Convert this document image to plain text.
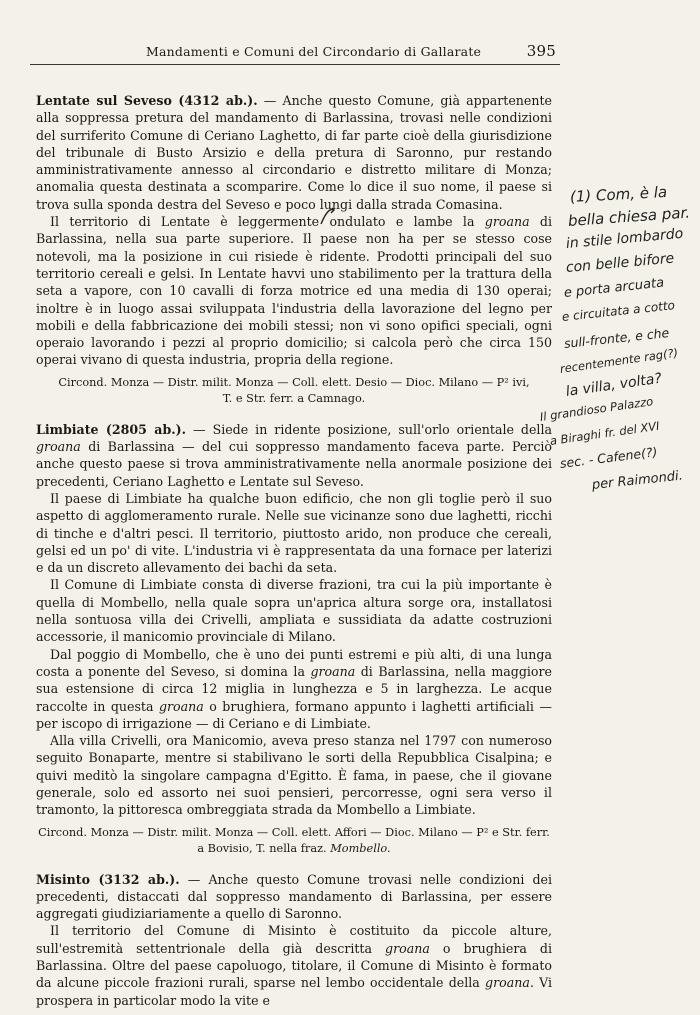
Mandamenti e Comuni del Circondario di Gallarate	395

Lentate sul Seveso (4312 ab.). — Anche questo Comune, già appartenente alla soppressa pretura del mandamento di Barlassina, trovasi nelle condizioni del surriferito Comune di Ceriano Laghetto, di far parte cioè della giurisdizione del tribunale di Busto Arsizio e della pretura di Saronno, pur restando amministrativamente annesso al circondario e distretto militare di Monza; anomalia questa destinata a scomparire. Come lo dice il suo nome, il paese si trova sulla sponda destra del Seveso e poco lungi dalla strada Comasina.

Il territorio di Lentate è leggermente ondulato e lambe la groana di Barlassina, nella sua parte superiore. Il paese non ha per se stesso cose notevoli, ma la posizione in cui risiede è ridente. Prodotti principali del suo territorio cereali e gelsi. In Lentate havvi uno stabilimento per la trattura della seta a vapore, con 10 cavalli di forza motrice ed una media di 130 operai; inoltre è in luogo assai sviluppata l'industria della lavorazione del legno per mobili e della fabbricazione dei mobili stessi; non vi sono opifici speciali, ogni operaio lavorando i pezzi al proprio domicilio; si calcola però che circa 150 operai vivano di questa industria, propria della regione.

Circond. Monza — Distr. milit. Monza — Coll. elett. Desio — Dioc. Milano — P² ivi,
T. e Str. ferr. a Camnago.

Limbiate (2805 ab.). — Siede in ridente posizione, sull'orlo orientale della groana di Barlassina — del cui soppresso mandamento faceva parte. Perciò anche questo paese si trova amministrativamente nella anormale posizione dei precedenti, Ceriano Laghetto e Lentate sul Seveso.

Il paese di Limbiate ha qualche buon edificio, che non gli toglie però il suo aspetto di agglomeramento rurale. Nelle sue vicinanze sono due laghetti, ricchi di tinche e d'altri pesci. Il territorio, piuttosto arido, non produce che cereali, gelsi ed un po' di vite. L'industria vi è rappresentata da una fornace per laterizi e da un discreto allevamento dei bachi da seta.

Il Comune di Limbiate consta di diverse frazioni, tra cui la più importante è quella di Mombello, nella quale sopra un'aprica altura sorge ora, installatosi nella sontuosa villa dei Crivelli, ampliata e sussidiata da adatte costruzioni accessorie, il manicomio provinciale di Milano.

Dal poggio di Mombello, che è uno dei punti estremi e più alti, di una lunga costa a ponente del Seveso, si domina la groana di Barlassina, nella maggiore sua estensione di circa 12 miglia in lunghezza e 5 in larghezza. Le acque raccolte in questa groana o brughiera, formano appunto i laghetti artificiali — per iscopo di irrigazione — di Ceriano e di Limbiate.

Alla villa Crivelli, ora Manicomio, aveva preso stanza nel 1797 con numeroso seguito Bonaparte, mentre si stabilivano le sorti della Repubblica Cisalpina; e quivi meditò la singolare campagna d'Egitto. È fama, in paese, che il giovane generale, solo ed assorto nei suoi pensieri, percorresse, ogni sera verso il tramonto, la pittoresca ombreggiata strada da Mombello a Limbiate.

Circond. Monza — Distr. milit. Monza — Coll. elett. Affori — Dioc. Milano — P² e Str. ferr.
a Bovisio, T. nella fraz. Mombello.

Misinto (3132 ab.). — Anche questo Comune trovasi nelle condizioni dei precedenti, distaccati dal soppresso mandamento di Barlassina, per essere aggregati giudiziariamente a quello di Saronno.

Il territorio del Comune di Misinto è costituito da piccole alture, sull'estremità settentrionale della già descritta groana o brughiera di Barlassina. Oltre del paese capoluogo, titolare, il Comune di Misinto è formato da alcune piccole frazioni rurali, sparse nel lembo occidentale della groana. Vi prospera in particolar modo la vite e

(1) Com, è la
bella chiesa par.
in stile lombardo
con belle bifore
e porta arcuata
e circuitata a cotto
sull-fronte, e che
recentemente rag(?)
la villa, volta?
Il grandioso Palazzo
a Biraghi fr. del XVI
sec. - Cafene(?)
per Raimondi.
